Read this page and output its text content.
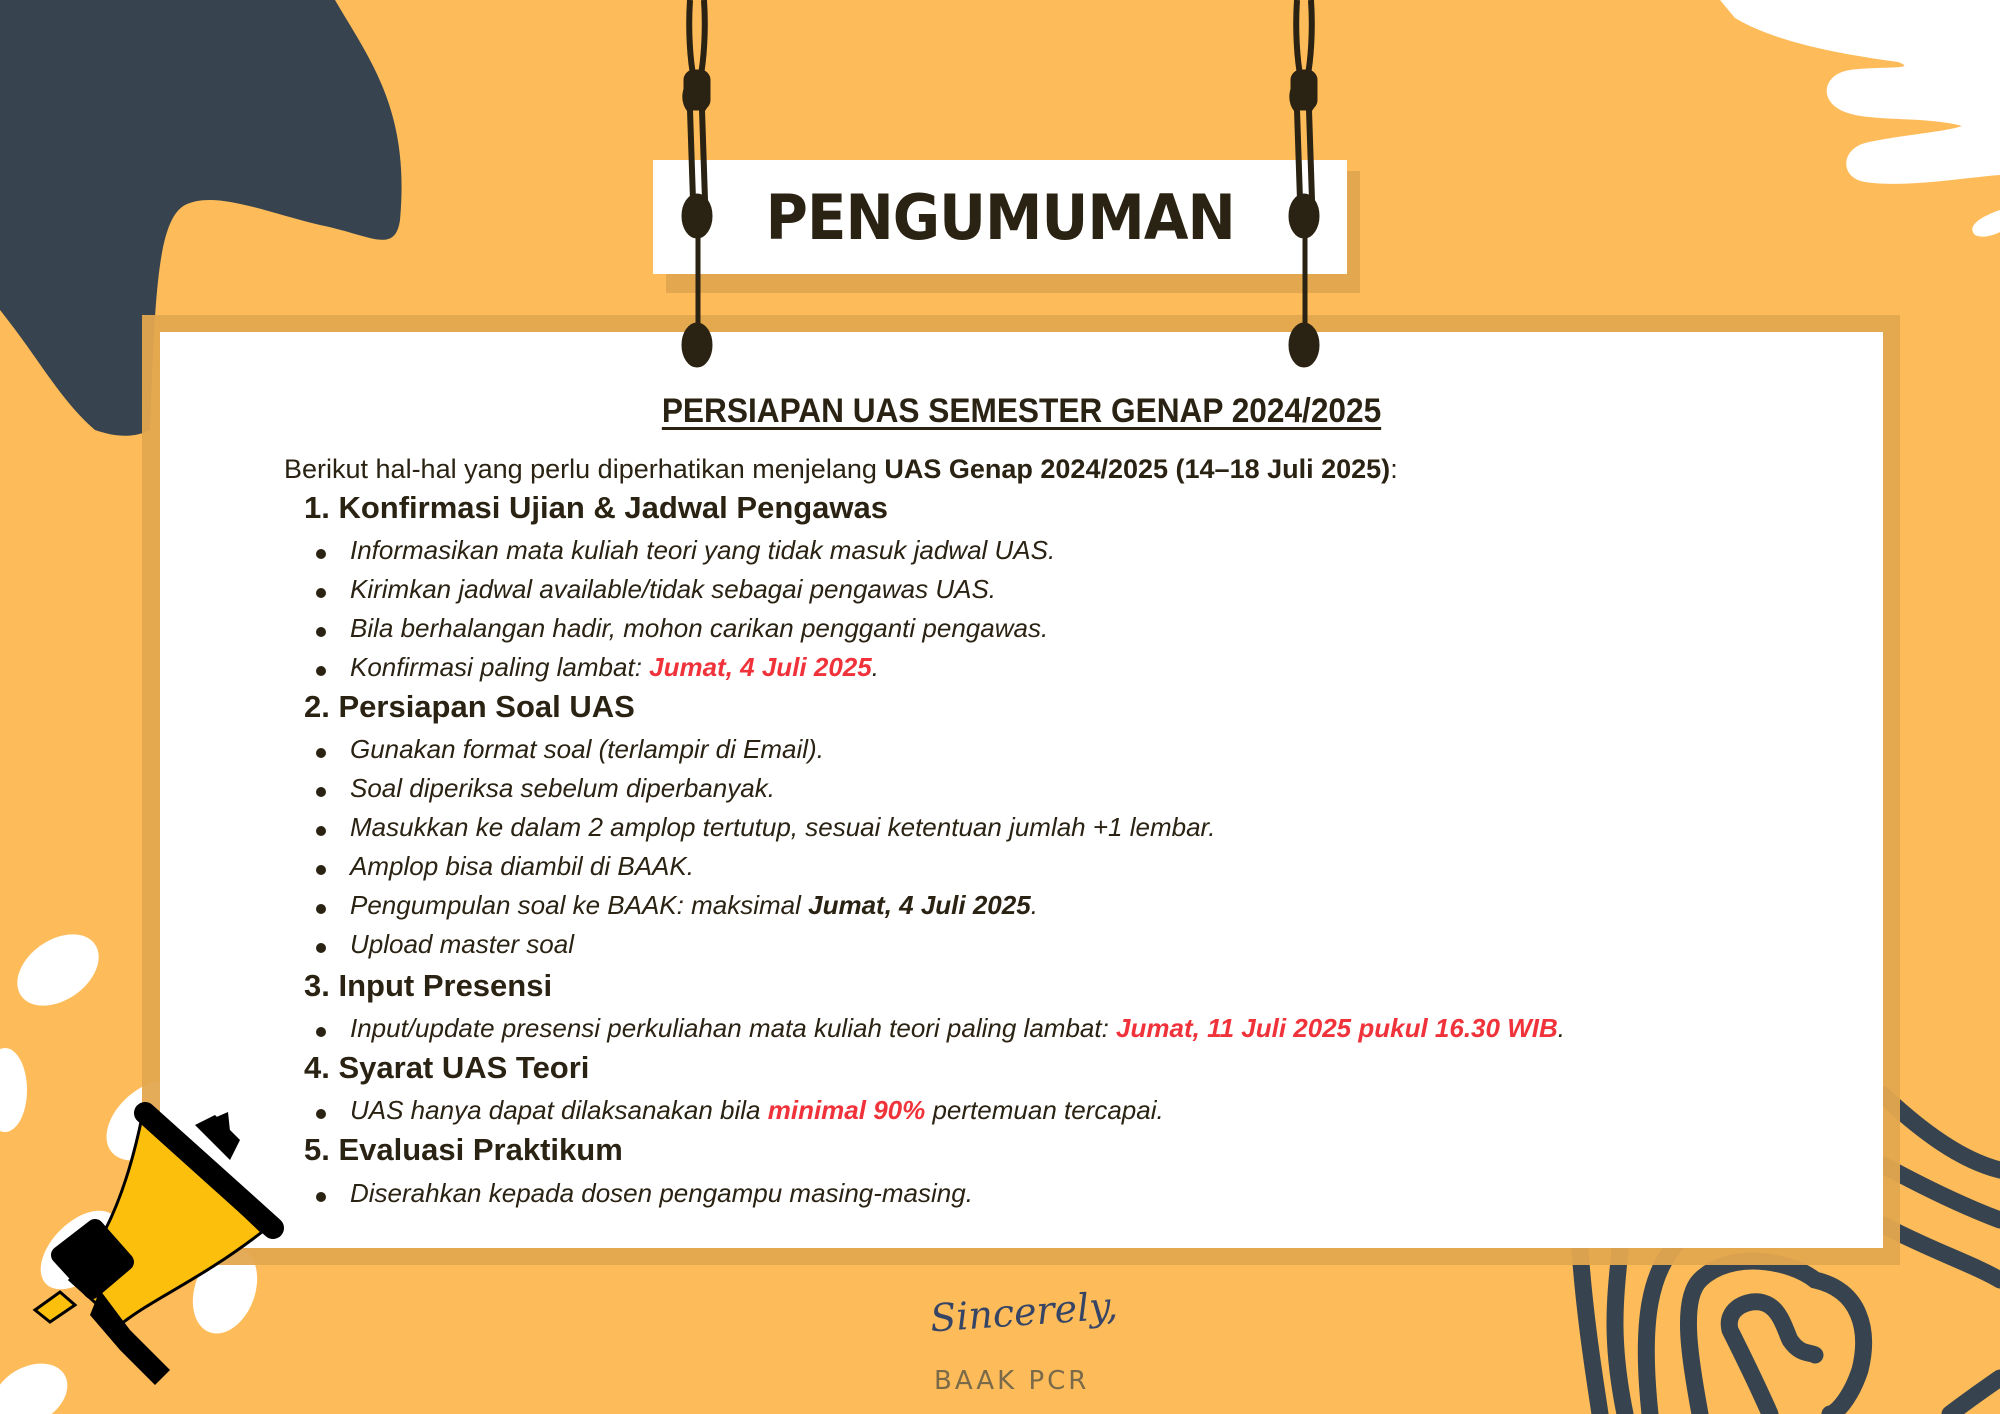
PERSIAPAN UAS SEMESTER GENAP 2024/2025
Berikut hal-hal yang perlu diperhatikan menjelang UAS Genap 2024/2025 (14–18 Juli 2025):
1. Konfirmasi Ujian & Jadwal Pengawas
Informasikan mata kuliah teori yang tidak masuk jadwal UAS.
Kirimkan jadwal available/tidak sebagai pengawas UAS.
Bila berhalangan hadir, mohon carikan pengganti pengawas.
Konfirmasi paling lambat: Jumat, 4 Juli 2025.
2. Persiapan Soal UAS
Gunakan format soal (terlampir di Email).
Soal diperiksa sebelum diperbanyak.
Masukkan ke dalam 2 amplop tertutup, sesuai ketentuan jumlah +1 lembar.
Amplop bisa diambil di BAAK.
Pengumpulan soal ke BAAK: maksimal Jumat, 4 Juli 2025.
Upload master soal
3. Input Presensi
Input/update presensi perkuliahan mata kuliah teori paling lambat: Jumat, 11 Juli 2025 pukul 16.30 WIB.
4. Syarat UAS Teori
UAS hanya dapat dilaksanakan bila minimal 90% pertemuan tercapai.
5. Evaluasi Praktikum
Diserahkan kepada dosen pengampu masing-masing.
PENGUMUMAN
Sincerely,
BAAK PCR
